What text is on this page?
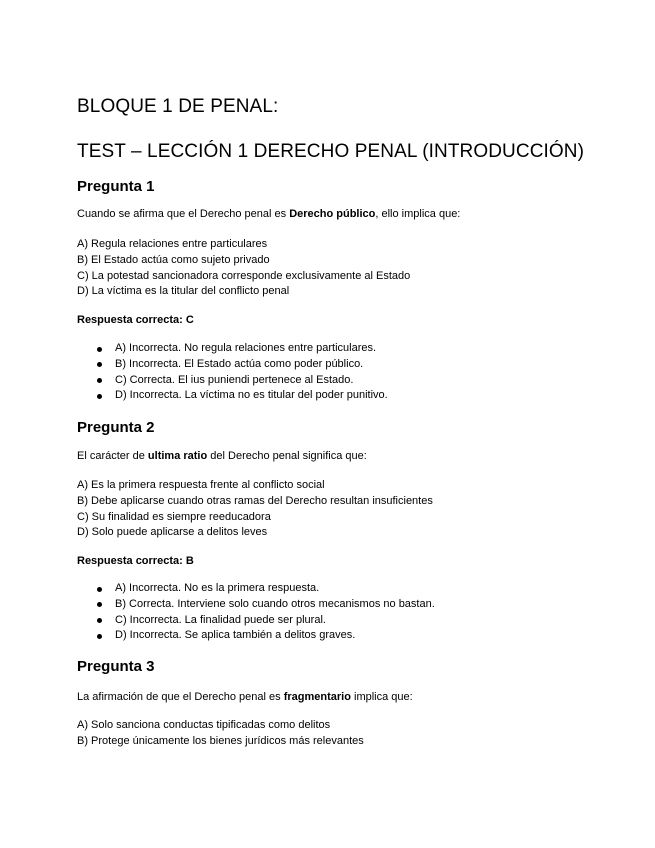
BLOQUE 1 DE PENAL:
TEST – LECCIÓN 1 DERECHO PENAL (INTRODUCCIÓN)
Pregunta 1
Cuando se afirma que el Derecho penal es Derecho público, ello implica que:
A) Regula relaciones entre particulares
B) El Estado actúa como sujeto privado
C) La potestad sancionadora corresponde exclusivamente al Estado
D) La víctima es la titular del conflicto penal
Respuesta correcta: C
A) Incorrecta. No regula relaciones entre particulares.
B) Incorrecta. El Estado actúa como poder público.
C) Correcta. El ius puniendi pertenece al Estado.
D) Incorrecta. La víctima no es titular del poder punitivo.
Pregunta 2
El carácter de ultima ratio del Derecho penal significa que:
A) Es la primera respuesta frente al conflicto social
B) Debe aplicarse cuando otras ramas del Derecho resultan insuficientes
C) Su finalidad es siempre reeducadora
D) Solo puede aplicarse a delitos leves
Respuesta correcta: B
A) Incorrecta. No es la primera respuesta.
B) Correcta. Interviene solo cuando otros mecanismos no bastan.
C) Incorrecta. La finalidad puede ser plural.
D) Incorrecta. Se aplica también a delitos graves.
Pregunta 3
La afirmación de que el Derecho penal es fragmentario implica que:
A) Solo sanciona conductas tipificadas como delitos
B) Protege únicamente los bienes jurídicos más relevantes
